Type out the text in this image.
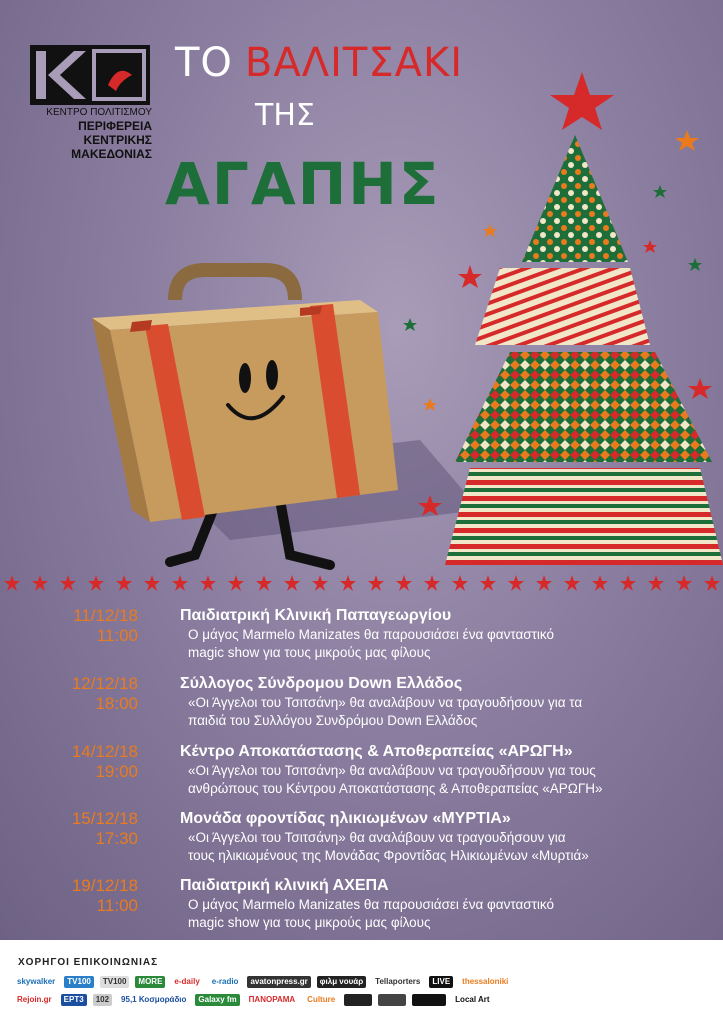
ΚΕΝΤΡΟ ΠΟΛΙΤΙΣΜΟΥ
ΠΕΡΙΦΕΡΕΙΑ
ΚΕΝΤΡΙΚΗΣ
ΜΑΚΕΔΟΝΙΑΣ
ΤΟ ΒΑΛΙΤΣΑΚΙ
ΤΗΣ
ΑΓΑΠΗΣ
11/12/18
11:00
Παιδιατρική Κλινική Παπαγεωργίου
Ο μάγος Marmelo Manizates θα παρουσιάσει ένα φανταστικό
magic show για τους μικρούς μας φίλους
12/12/18
18:00
Σύλλογος Σύνδρομου Down Ελλάδος
«Οι Άγγελοι του Τσιτσάνη» θα αναλάβουν να τραγουδήσουν για τα
παιδιά του Συλλόγου Συνδρόμου Down Ελλάδος
14/12/18
19:00
Κέντρο Αποκατάστασης & Αποθεραπείας «ΑΡΩΓΗ»
«Οι Άγγελοι του Τσιτσάνη» θα αναλάβουν να τραγουδήσουν για τους
ανθρώπους του Κέντρου Αποκατάστασης & Αποθεραπείας «ΑΡΩΓΗ»
15/12/18
17:30
Μονάδα φροντίδας ηλικιωμένων «ΜΥΡΤΙΑ»
«Οι Άγγελοι του Τσιτσάνη» θα αναλάβουν να τραγουδήσουν για
τους ηλικιωμένους της Μονάδας Φροντίδας Ηλικιωμένων «Μυρτιά»
19/12/18
11:00
Παιδιατρική κλινική ΑΧΕΠΑ
Ο μάγος Marmelo Manizates θα παρουσιάσει ένα φανταστικό
magic show για τους μικρούς μας φίλους
ΧΟΡΗΓΟΙ ΕΠΙΚΟΙΝΩΝΙΑΣ
skywalker	TV100	TV100	MORE	e-daily	e-radio	avatonpress.gr	φιλμ νουάρ	Tellaporters	LIVE	thessaloniki
Rejoin.gr	ΕΡΤ3	102	95,1 Κοσμοράδιο	Galaxy fm	ΠΑΝΟΡΑΜΑ	Culture	Local Art
